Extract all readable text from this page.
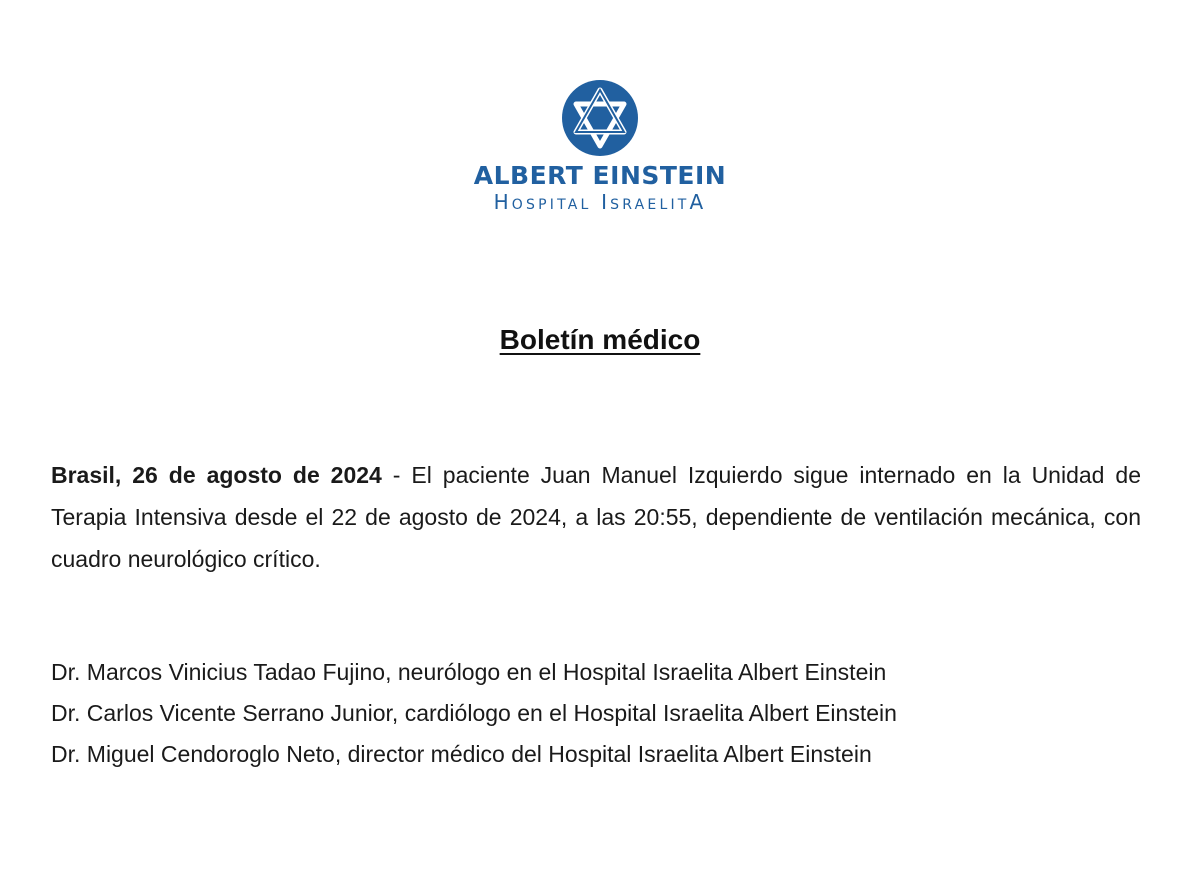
ALBERT EINSTEIN
Hospital IsraelitA
Boletín médico

Brasil, 26 de agosto de 2024 - El paciente Juan Manuel Izquierdo sigue internado en la Unidad de Terapia Intensiva desde el 22 de agosto de 2024, a las 20:55, dependiente de ventilación mecánica, con cuadro neurológico crítico.

Dr. Marcos Vinicius Tadao Fujino, neurólogo en el Hospital Israelita Albert Einstein
Dr. Carlos Vicente Serrano Junior, cardiólogo en el Hospital Israelita Albert Einstein
Dr. Miguel Cendoroglo Neto, director médico del Hospital Israelita Albert Einstein
